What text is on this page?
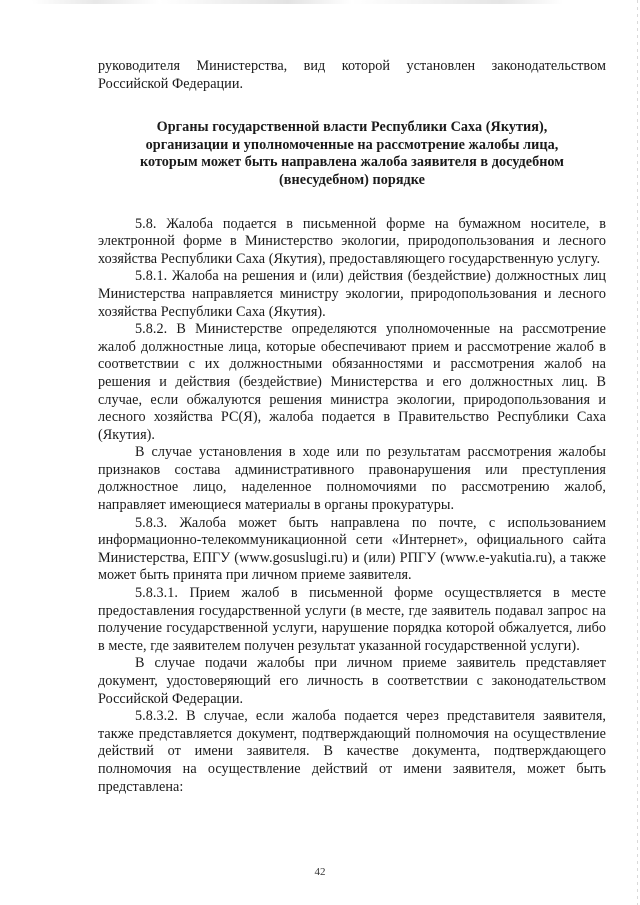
руководителя Министерства, вид которой установлен законодательством Российской Федерации.

Органы государственной власти Республики Саха (Якутия), организации и уполномоченные на рассмотрение жалобы лица, которым может быть направлена жалоба заявителя в досудебном (внесудебном) порядке

5.8. Жалоба подается в письменной форме на бумажном носителе, в электронной форме в Министерство экологии, природопользования и лесного хозяйства Республики Саха (Якутия), предоставляющего государственную услугу.

5.8.1. Жалоба на решения и (или) действия (бездействие) должностных лиц Министерства направляется министру экологии, природопользования и лесного хозяйства Республики Саха (Якутия).

5.8.2. В Министерстве определяются уполномоченные на рассмотрение жалоб должностные лица, которые обеспечивают прием и рассмотрение жалоб в соответствии с их должностными обязанностями и рассмотрения жалоб на решения и действия (бездействие) Министерства и его должностных лиц. В случае, если обжалуются решения министра экологии, природопользования и лесного хозяйства РС(Я), жалоба подается в Правительство Республики Саха (Якутия).

В случае установления в ходе или по результатам рассмотрения жалобы признаков состава административного правонарушения или преступления должностное лицо, наделенное полномочиями по рассмотрению жалоб, направляет имеющиеся материалы в органы прокуратуры.

5.8.3. Жалоба может быть направлена по почте, с использованием информационно-телекоммуникационной сети «Интернет», официального сайта Министерства, ЕПГУ (www.gosuslugi.ru) и (или) РПГУ (www.e-yakutia.ru), а также может быть принята при личном приеме заявителя.

5.8.3.1. Прием жалоб в письменной форме осуществляется в месте предоставления государственной услуги (в месте, где заявитель подавал запрос на получение государственной услуги, нарушение порядка которой обжалуется, либо в месте, где заявителем получен результат указанной государственной услуги).

В случае подачи жалобы при личном приеме заявитель представляет документ, удостоверяющий его личность в соответствии с законодательством Российской Федерации.

5.8.3.2. В случае, если жалоба подается через представителя заявителя, также представляется документ, подтверждающий полномочия на осуществление действий от имени заявителя. В качестве документа, подтверждающего полномочия на осуществление действий от имени заявителя, может быть представлена:

42
